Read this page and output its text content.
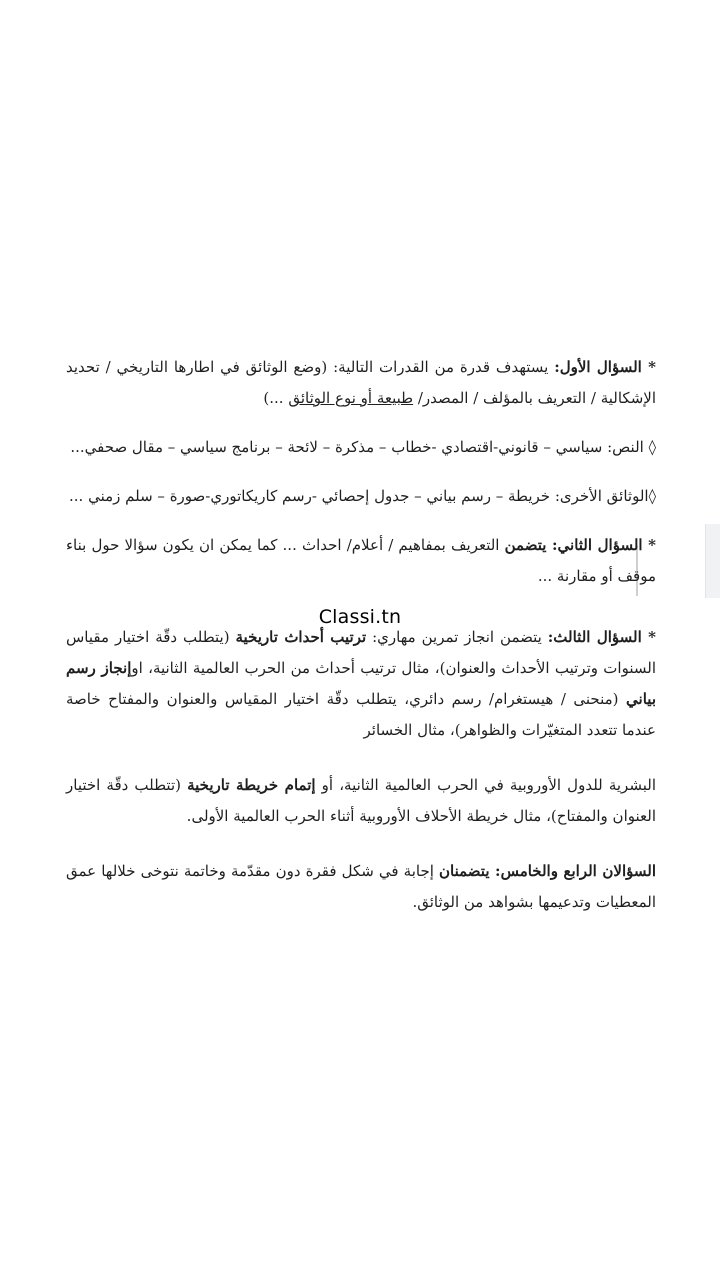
* السؤال الأول: يستهدف قدرة من القدرات التالية: (وضع الوثائق في اطارها التاريخي / تحديد الإشكالية / التعريف بالمؤلف / المصدر/ طبيعة أو نوع الوثائق ...)

◊ النص: سياسي – قانوني-اقتصادي -خطاب – مذكرة – لائحة – برنامج سياسي – مقال صحفي...

◊الوثائق الأخرى: خريطة – رسم بياني – جدول إحصائي -رسم كاريكاتوري-صورة – سلم زمني ...

* السؤال الثاني: يتضمن التعريف بمفاهيم / أعلام/ احداث ... كما يمكن ان يكون سؤالا حول بناء موقف أو مقارنة ...

* السؤال الثالث: يتضمن انجاز تمرين مهاري: ترتيب أحداث تاريخية (يتطلب دقّة اختيار مقياس السنوات وترتيب الأحداث والعنوان)، مثال ترتيب أحداث من الحرب العالمية الثانية، اوإنجاز رسم بياني (منحنى / هيستغرام/ رسم دائري، يتطلب دقّة اختيار المقياس والعنوان والمفتاح خاصة عندما تتعدد المتغيّرات والظواهر)، مثال الخسائر

البشرية للدول الأوروبية في الحرب العالمية الثانية، أو إتمام خريطة تاريخية (تتطلب دقّة اختيار العنوان والمفتاح)، مثال خريطة الأحلاف الأوروبية أثناء الحرب العالمية الأولى.

السؤالان الرابع والخامس: يتضمنان إجابة في شكل فقرة دون مقدّمة وخاتمة نتوخى خلالها عمق المعطيات وتدعيمها بشواهد من الوثائق.

Classi.tn
